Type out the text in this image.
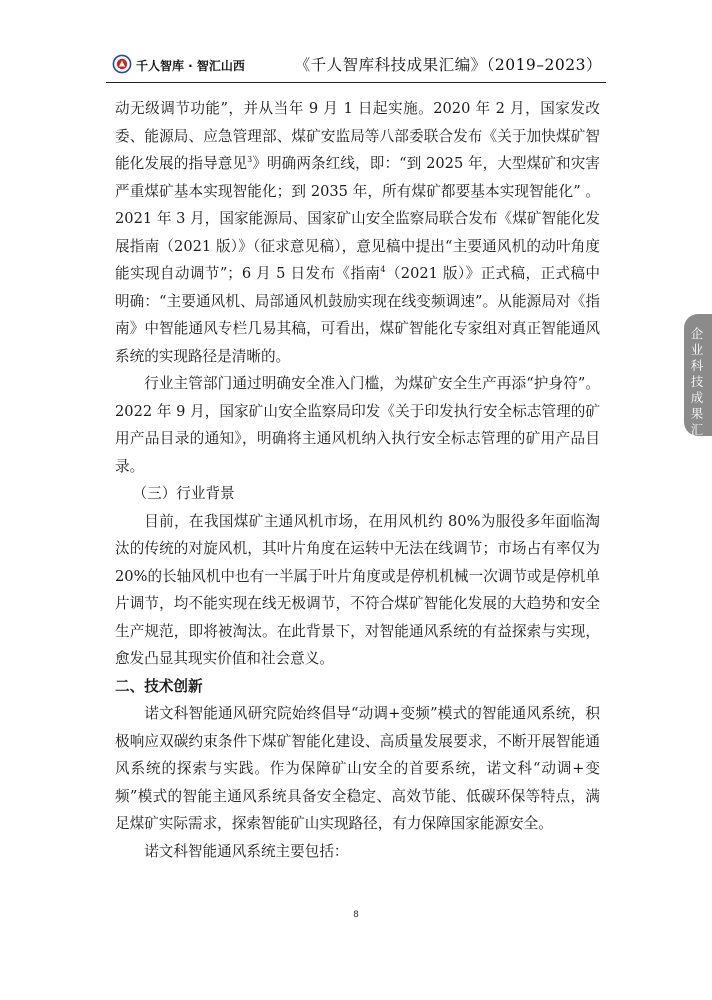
千人智库 · 智汇山西	《千人智库科技成果汇编》（2019–2023）

动无级调节功能”，并从当年 9 月 1 日起实施。2020 年 2 月，国家发改委、能源局、应急管理部、煤矿安监局等八部委联合发布《关于加快煤矿智能化发展的指导意见$^3$》明确两条红线，即：“到 2025 年，大型煤矿和灾害严重煤矿基本实现智能化；到 2035 年，所有煤矿都要基本实现智能化” 。 2021 年 3 月，国家能源局、国家矿山安全监察局联合发布《煤矿智能化发展指南（2021 版）》（征求意见稿），意见稿中提出“主要通风机的动叶角度能实现自动调节”；6 月 5 日发布《指南$^4$（2021 版）》正式稿，正式稿中明确：“主要通风机、局部通风机鼓励实现在线变频调速”。从能源局对《指南》中智能通风专栏几易其稿，可看出，煤矿智能化专家组对真正智能通风系统的实现路径是清晰的。

行业主管部门通过明确安全准入门槛，为煤矿安全生产再添“护身符”。2022 年 9 月，国家矿山安全监察局印发《关于印发执行安全标志管理的矿用产品目录的通知》，明确将主通风机纳入执行安全标志管理的矿用产品目录。

（三）行业背景

目前，在我国煤矿主通风机市场，在用风机约 80%为服役多年面临淘汰的传统的对旋风机，其叶片角度在运转中无法在线调节；市场占有率仅为 20%的长轴风机中也有一半属于叶片角度或是停机机械一次调节或是停机单片调节，均不能实现在线无极调节，不符合煤矿智能化发展的大趋势和安全生产规范，即将被淘汰。在此背景下，对智能通风系统的有益探索与实现，愈发凸显其现实价值和社会意义。

二、技术创新

诺文科智能通风研究院始终倡导“动调+变频”模式的智能通风系统，积极响应双碳约束条件下煤矿智能化建设、高质量发展要求，不断开展智能通风系统的探索与实践。作为保障矿山安全的首要系统，诺文科“动调+变频”模式的智能主通风系统具备安全稳定、高效节能、低碳环保等特点，满足煤矿实际需求，探索智能矿山实现路径，有力保障国家能源安全。

诺文科智能通风系统主要包括：

企业科技成果汇编
8
